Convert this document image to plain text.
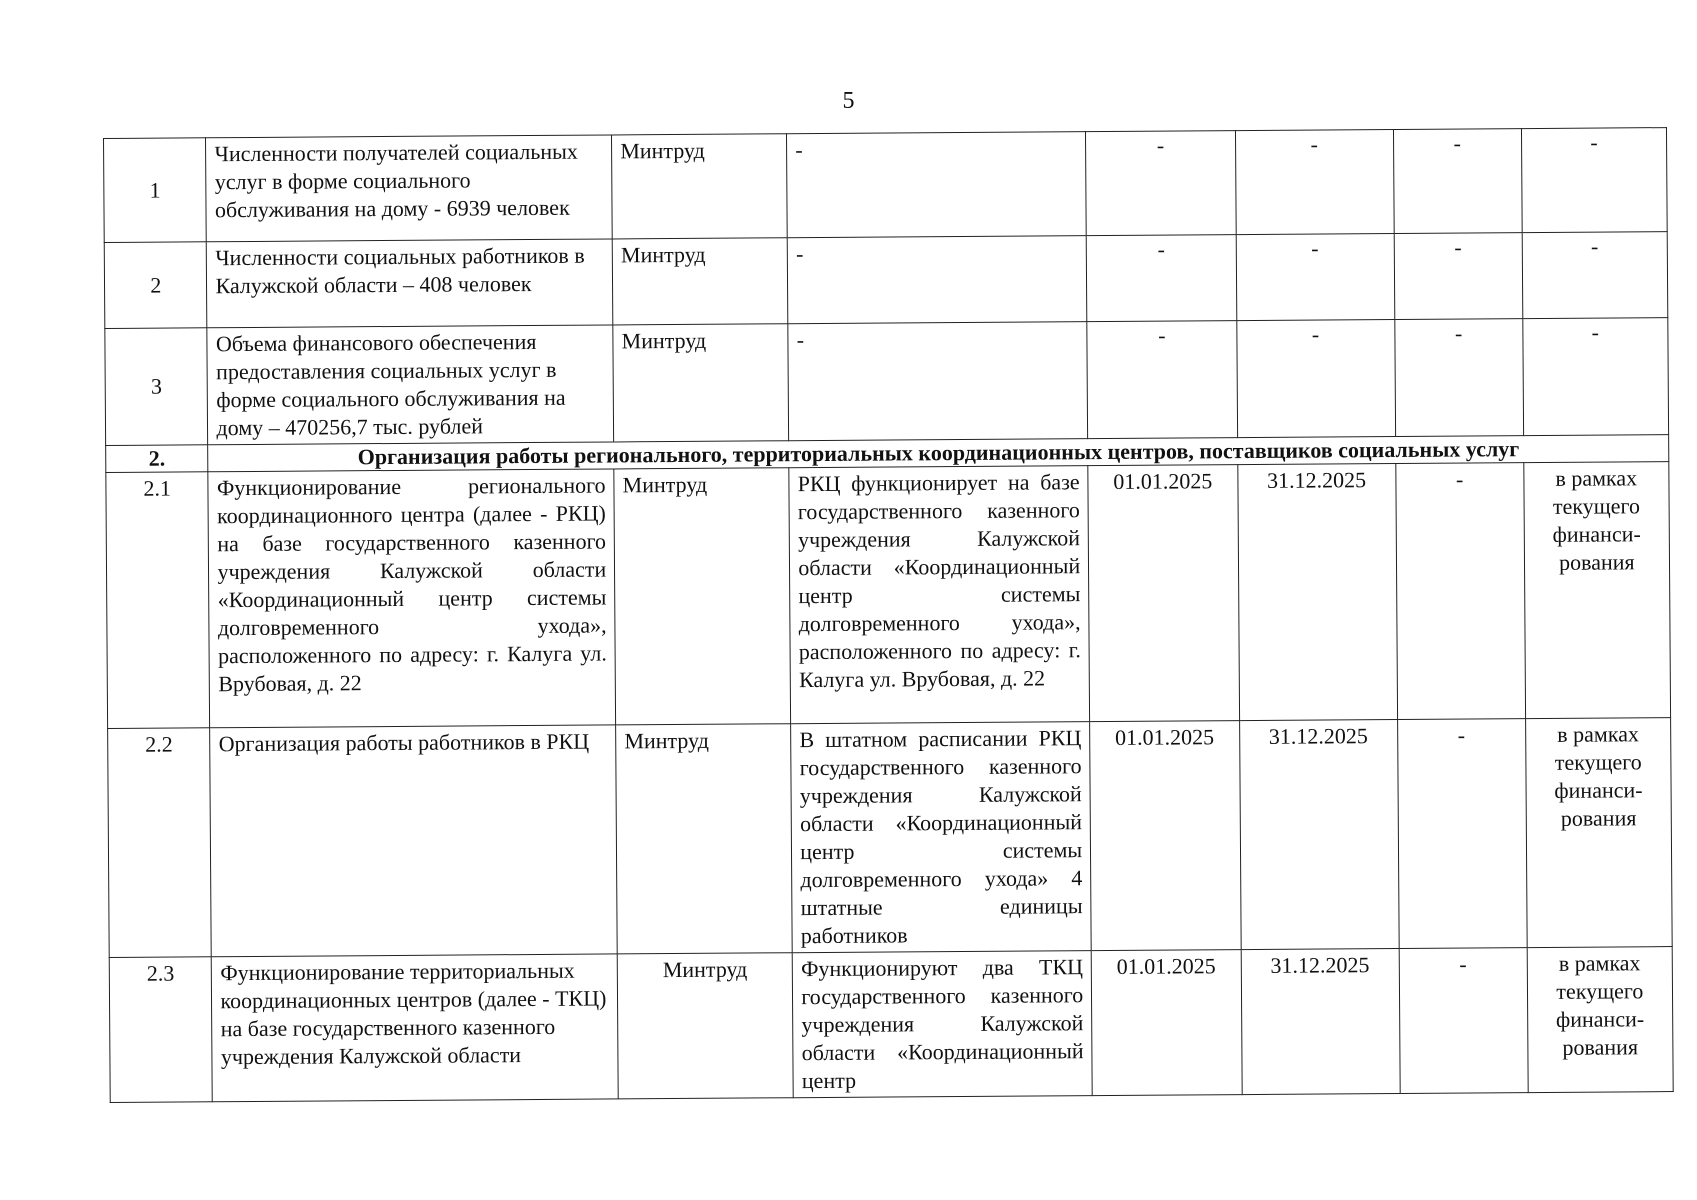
5
1	Численности получателей социальных услуг в форме социального обслуживания на дому - 6939 человек	Минтруд	-	-	-	-	-
2	Численности социальных работников в Калужской области – 408 человек	Минтруд	-	-	-	-	-
3	Объема финансового обеспечения предоставления социальных услуг в форме социального обслуживания на дому – 470256,7 тыс. рублей	Минтруд	-	-	-	-	-
2.	Организация работы регионального, территориальных координационных центров, поставщиков социальных услуг						
2.1	Функционирование регионального координационного центра (далее - РКЦ) на базе государственного казенного учреждения Калужской области «Координационный центр системы долговременного ухода», расположенного по адресу: г. Калуга ул. Врубовая, д. 22	Минтруд	РКЦ функционирует на базе государственного казенного учреждения Калужской области «Координационный центр системы долговременного ухода», расположенного по адресу: г. Калуга ул. Врубовая, д. 22	01.01.2025	31.12.2025	-	в рамках текущего финанси-рования
2.2	Организация работы работников в РКЦ	Минтруд	В штатном расписании РКЦ государственного казенного учреждения Калужской области «Координационный центр системы долговременного ухода» 4 штатные единицы работников	01.01.2025	31.12.2025	-	в рамках текущего финанси-рования
2.3	Функционирование территориальных координационных центров (далее - ТКЦ) на базе государственного казенного учреждения Калужской области	Минтруд	Функционируют два ТКЦ государственного казенного учреждения Калужской области «Координационный центр	01.01.2025	31.12.2025	-	в рамках текущего финанси-рования
